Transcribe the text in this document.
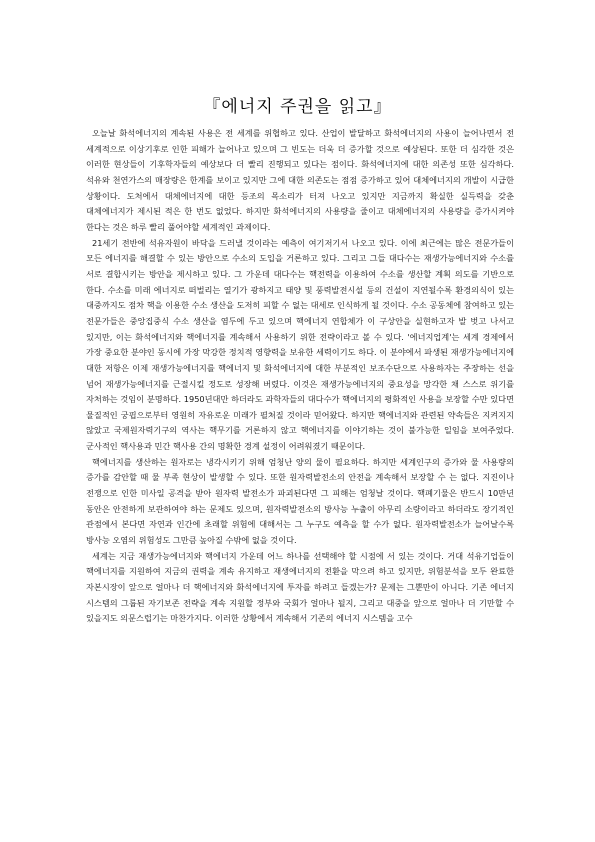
『에너지 주권을 읽고』

오늘날 화석에너지의 계속된 사용은 전 세계를 위협하고 있다. 산업이 발달하고 화석에너지의 사용이 늘어나면서 전 세계적으로 이상기후로 인한 피해가 늘어나고 있으며 그 빈도는 더욱 더 증가할 것으로 예상된다. 또한 더 심각한 것은 이러한 현상들이 기후학자들의 예상보다 더 빨리 진행되고 있다는 점이다. 화석에너지에 대한 의존성 또한 심각하다. 석유와 천연가스의 매장량은 한계를 보이고 있지만 그에 대한 의존도는 점점 증가하고 있어 대체에너지의 개발이 시급한 상황이다. 도처에서 대체에너지에 대한 등조의 목소리가 터져 나오고 있지만 지금까지 확실한 실득력을 갖춘 대체에너지가 제시된 적은 한 번도 없었다. 하지만 화석에너지의 사용량을 줄이고 대체에너지의 사용량을 증가시켜야 한다는 것은 하루 빨리 풀어야할 세계적인 과제이다.

21세기 전반에 석유자원이 바닥을 드러낼 것이라는 예측이 여기저기서 나오고 있다. 이에 최근에는 많은 전문가들이 모든 에너지를 해결할 수 있는 방안으로 수소의 도입을 거론하고 있다. 그리고 그들 대다수는 재생가능에너지와 수소를 서로 결합시키는 방안을 제시하고 있다. 그 가운데 대다수는 핵전력을 이용하여 수소를 생산할 계획 의도를 기반으로 한다. 수소를 미래 에너지로 떠벌리는 열기가 광하지고 태양 및 풍력발전시설 등의 건설이 지연될수록 환경의식이 있는 대중까지도 점차 핵을 이용한 수소 생산을 도저히 피할 수 없는 대세로 인식하게 될 것이다. 수소 공동체에 참여하고 있는 전문가들은 중앙집중식 수소 생산을 염두에 두고 있으며 핵에너지 연합체가 이 구상안을 실현하고자 발 벗고 나서고 있지만, 이는 화석에너지와 핵에너지를 계속해서 사용하기 위한 전략이라고 볼 수 있다. '에너지업계'는 세계 경제에서 가장 중요한 분야인 동시에 가장 막강한 정치적 영향력을 보유한 세력이기도 하다. 이 분야에서 파생된 재생가능에너지에 대한 저항은 이제 재생가능에너지를 핵에너지 및 화석에너지에 대한 부분적인 보조수단으로 사용하자는 주장하는 선을 넘어 재생가능에너지를 근절시킬 정도로 성장해 버렸다. 이것은 재생가능에너지의 중요성을 망각한 채 스스로 위기를 자처하는 것임이 분명하다. 1950년대만 하더라도 과학자들의 대다수가 핵에너지의 평화적인 사용을 보장할 수만 있다면 물질적인 궁핍으로부터 영원히 자유로운 미래가 펼쳐질 것이라 믿어왔다. 하지만 핵에너지와 관련된 약속들은 지켜지지 않았고 국제원자력기구의 역사는 핵무기를 거론하지 않고 핵에너지를 이야기하는 것이 불가능한 일임을 보여주었다. 군사적인 핵사용과 민간 핵사용 간의 명확한 경계 설정이 어려워졌기 때문이다.

핵에너지를 생산하는 원자로는 냉각시키기 위해 엄청난 양의 물이 필요하다. 하지만 세계인구의 증가와 물 사용량의 증가를 감안할 때 물 부족 현상이 발생할 수 있다. 또한 원자력발전소의 안전을 계속해서 보장할 수 는 없다. 지진이나 전쟁으로 인한 미사일 공격을 받아 원자력 발전소가 파괴된다면 그 피해는 엄청날 것이다. 핵폐기물은 반드시 10만년 동안은 안전하게 보관하여야 하는 문제도 있으며, 원자력발전소의 방사능 누출이 아무리 소량이라고 하더라도 장기적인 관점에서 본다면 자연과 인간에 초래할 위험에 대해서는 그 누구도 예측을 할 수가 없다. 원자력발전소가 늘어날수록 방사능 오염의 위험성도 그만큼 높아질 수밖에 없을 것이다.

세계는 지금 재생가능에너지와 핵에너지 가운데 어느 하나를 선택해야 할 시점에 서 있는 것이다. 거대 석유기업들이 핵에너지를 지원하여 지금의 권력을 계속 유지하고 재생에너지의 전환을 막으려 하고 있지만, 위험분석을 모두 완료한 자본시장이 앞으로 얼마나 더 핵에너지와 화석에너지에 투자를 하려고 들겠는가? 문제는 그뿐만이 아니다. 기존 에너지 시스템의 그룹된 자기보존 전략을 계속 지원할 정부와 국회가 얼마나 될지, 그리고 대중을 앞으로 얼마나 더 기만할 수 있을지도 의문스럽기는 마찬가지다. 이러한 상황에서 계속해서 기존의 에너지 시스템을 고수
